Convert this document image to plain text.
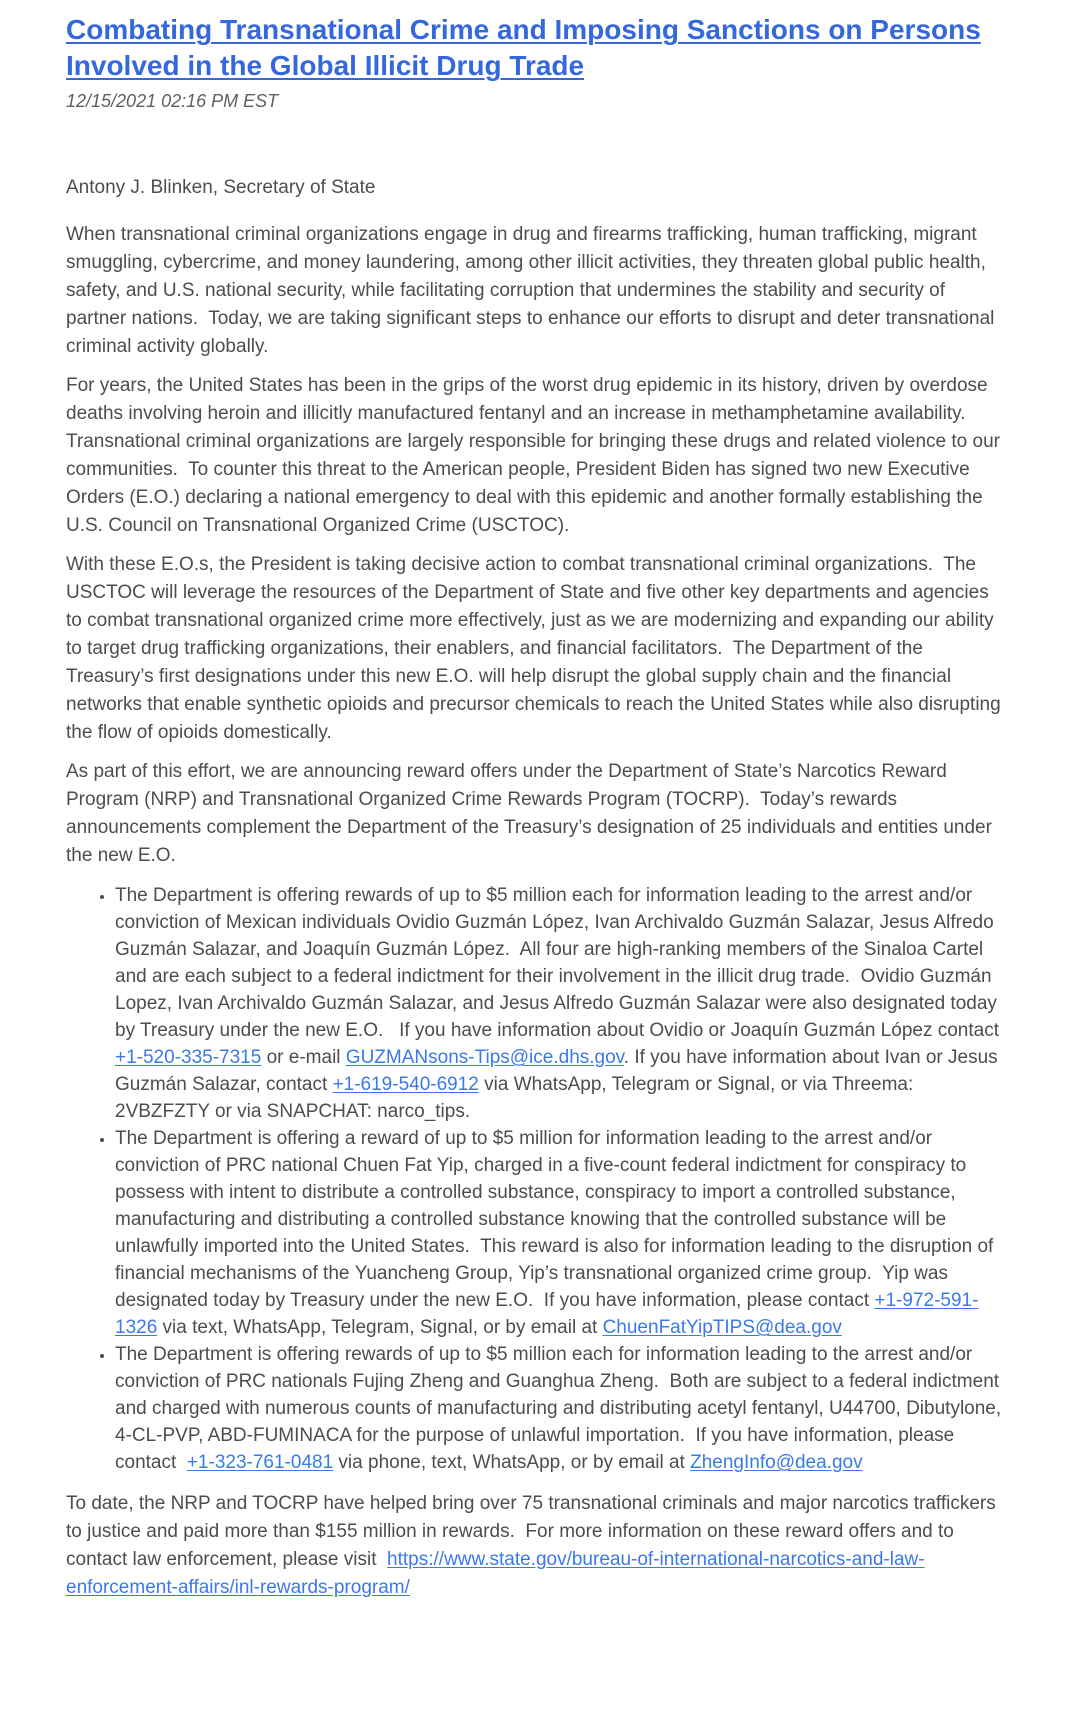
Combating Transnational Crime and Imposing Sanctions on Persons Involved in the Global Illicit Drug Trade
12/15/2021 02:16 PM EST

Antony J. Blinken, Secretary of State

When transnational criminal organizations engage in drug and firearms trafficking, human trafficking, migrant smuggling, cybercrime, and money laundering, among other illicit activities, they threaten global public health, safety, and U.S. national security, while facilitating corruption that undermines the stability and security of partner nations.  Today, we are taking significant steps to enhance our efforts to disrupt and deter transnational criminal activity globally.

For years, the United States has been in the grips of the worst drug epidemic in its history, driven by overdose deaths involving heroin and illicitly manufactured fentanyl and an increase in methamphetamine availability.  Transnational criminal organizations are largely responsible for bringing these drugs and related violence to our communities.  To counter this threat to the American people, President Biden has signed two new Executive Orders (E.O.) declaring a national emergency to deal with this epidemic and another formally establishing the U.S. Council on Transnational Organized Crime (USCTOC).

With these E.O.s, the President is taking decisive action to combat transnational criminal organizations.  The USCTOC will leverage the resources of the Department of State and five other key departments and agencies to combat transnational organized crime more effectively, just as we are modernizing and expanding our ability to target drug trafficking organizations, their enablers, and financial facilitators.  The Department of the Treasury’s first designations under this new E.O. will help disrupt the global supply chain and the financial networks that enable synthetic opioids and precursor chemicals to reach the United States while also disrupting the flow of opioids domestically.

As part of this effort, we are announcing reward offers under the Department of State’s Narcotics Reward Program (NRP) and Transnational Organized Crime Rewards Program (TOCRP).  Today’s rewards announcements complement the Department of the Treasury’s designation of 25 individuals and entities under the new E.O.

• The Department is offering rewards of up to $5 million each for information leading to the arrest and/or conviction of Mexican individuals Ovidio Guzmán López, Ivan Archivaldo Guzmán Salazar, Jesus Alfredo Guzmán Salazar, and Joaquín Guzmán López.  All four are high-ranking members of the Sinaloa Cartel and are each subject to a federal indictment for their involvement in the illicit drug trade.  Ovidio Guzmán Lopez, Ivan Archivaldo Guzmán Salazar, and Jesus Alfredo Guzmán Salazar were also designated today by Treasury under the new E.O.   If you have information about Ovidio or Joaquín Guzmán López contact +1-520-335-7315 or e-mail GUZMANsons-Tips@ice.dhs.gov. If you have information about Ivan or Jesus Guzmán Salazar, contact +1-619-540-6912 via WhatsApp, Telegram or Signal, or via Threema: 2VBZFZTY or via SNAPCHAT: narco_tips.
• The Department is offering a reward of up to $5 million for information leading to the arrest and/or conviction of PRC national Chuen Fat Yip, charged in a five-count federal indictment for conspiracy to possess with intent to distribute a controlled substance, conspiracy to import a controlled substance, manufacturing and distributing a controlled substance knowing that the controlled substance will be unlawfully imported into the United States.  This reward is also for information leading to the disruption of financial mechanisms of the Yuancheng Group, Yip’s transnational organized crime group.  Yip was designated today by Treasury under the new E.O.  If you have information, please contact +1-972-591-1326 via text, WhatsApp, Telegram, Signal, or by email at ChuenFatYipTIPS@dea.gov
• The Department is offering rewards of up to $5 million each for information leading to the arrest and/or conviction of PRC nationals Fujing Zheng and Guanghua Zheng.  Both are subject to a federal indictment and charged with numerous counts of manufacturing and distributing acetyl fentanyl, U44700, Dibutylone, 4-CL-PVP, ABD-FUMINACA for the purpose of unlawful importation.  If you have information, please contact  +1-323-761-0481 via phone, text, WhatsApp, or by email at ZhengInfo@dea.gov

To date, the NRP and TOCRP have helped bring over 75 transnational criminals and major narcotics traffickers to justice and paid more than $155 million in rewards.  For more information on these reward offers and to contact law enforcement, please visit  https://www.state.gov/bureau-of-international-narcotics-and-law-enforcement-affairs/inl-rewards-program/
